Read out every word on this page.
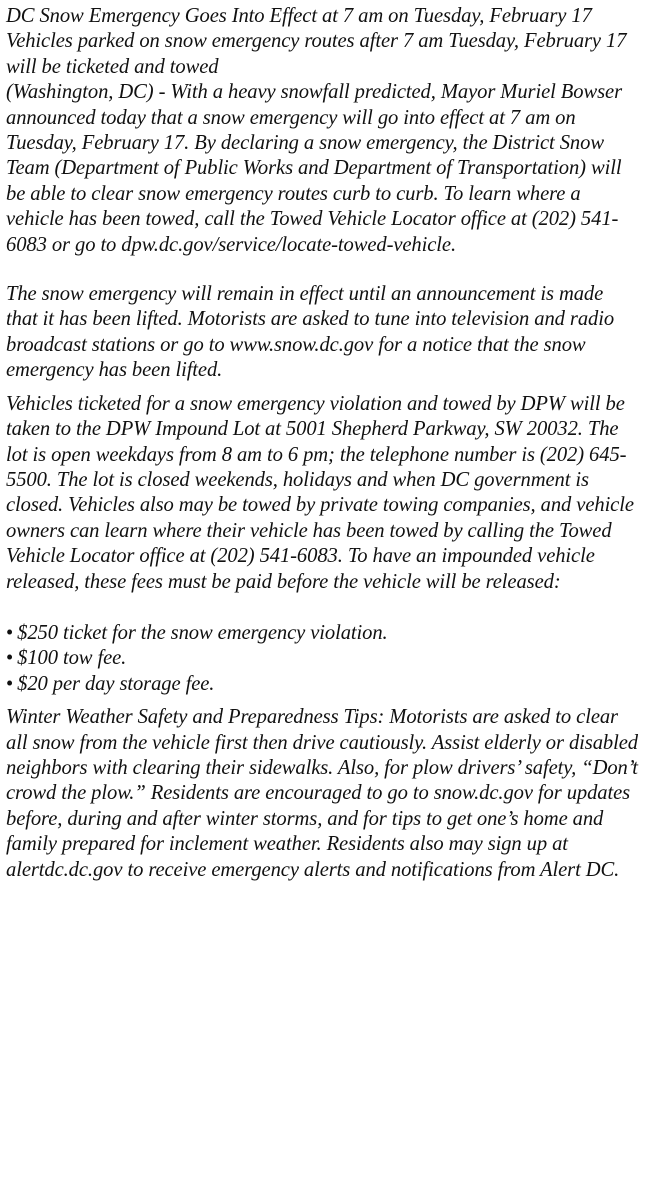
DC Snow Emergency Goes Into Effect at 7 am on Tuesday, February 17

Vehicles parked on snow emergency routes after 7 am Tuesday, February 17 will be ticketed and towed

(Washington, DC) - With a heavy snowfall predicted, Mayor Muriel Bowser announced today that a snow emergency will go into effect at 7 am on Tuesday, February 17. By declaring a snow emergency, the District Snow Team (Department of Public Works and Department of Transportation) will be able to clear snow emergency routes curb to curb. To learn where a vehicle has been towed, call the Towed Vehicle Locator office at (202) 541-6083 or go to dpw.dc.gov/service/locate-towed-vehicle.

The snow emergency will remain in effect until an announcement is made that it has been lifted. Motorists are asked to tune into television and radio broadcast stations or go to www.snow.dc.gov for a notice that the snow emergency has been lifted.

Vehicles ticketed for a snow emergency violation and towed by DPW will be taken to the DPW Impound Lot at 5001 Shepherd Parkway, SW 20032. The lot is open weekdays from 8 am to 6 pm; the telephone number is (202) 645-5500. The lot is closed weekends, holidays and when DC government is closed. Vehicles also may be towed by private towing companies, and vehicle owners can learn where their vehicle has been towed by calling the Towed Vehicle Locator office at (202) 541-6083. To have an impounded vehicle released, these fees must be paid before the vehicle will be released:

• $250 ticket for the snow emergency violation.
• $100 tow fee.
• $20 per day storage fee.

Winter Weather Safety and Preparedness Tips: Motorists are asked to clear all snow from the vehicle first then drive cautiously. Assist elderly or disabled neighbors with clearing their sidewalks. Also, for plow drivers’ safety, “Don’t crowd the plow.” Residents are encouraged to go to snow.dc.gov for updates before, during and after winter storms, and for tips to get one’s home and family prepared for inclement weather. Residents also may sign up at alertdc.dc.gov to receive emergency alerts and notifications from Alert DC.
